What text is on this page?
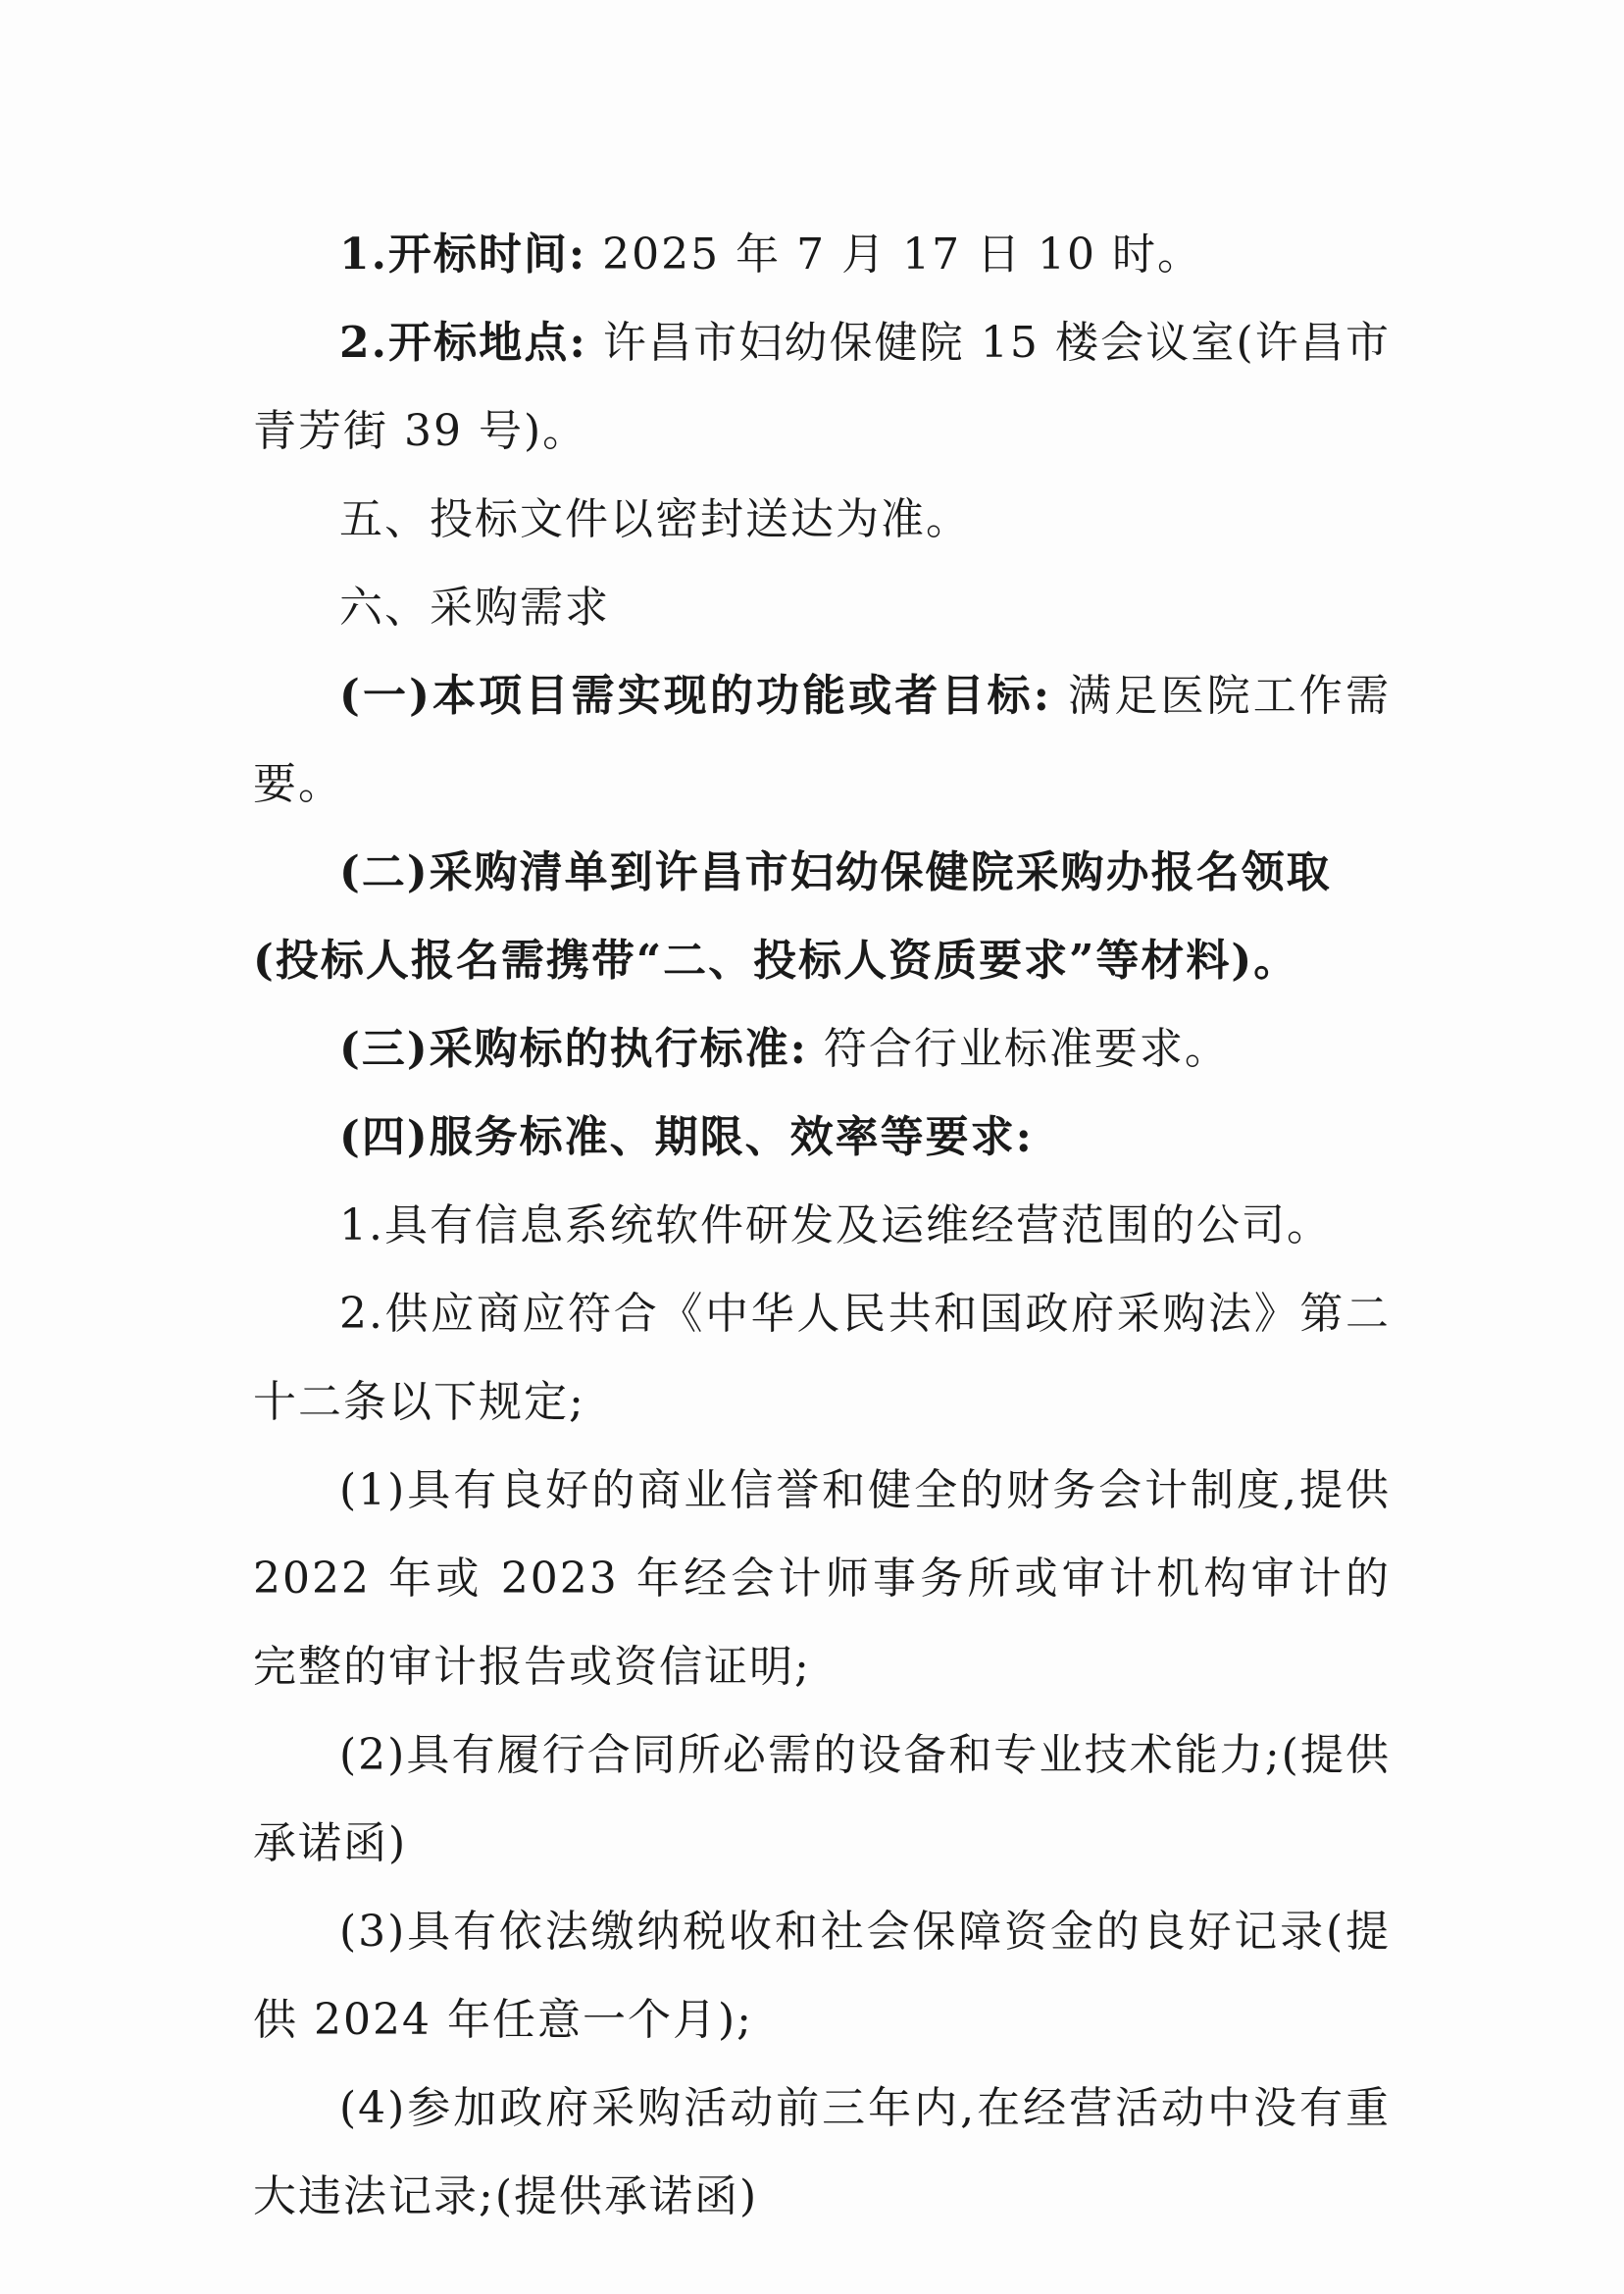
1.开标时间: 2025 年 7 月 17 日 10 时。

2.开标地点: 许昌市妇幼保健院 15 楼会议室(许昌市青芳街 39 号)。

五、投标文件以密封送达为准。

六、采购需求

(一)本项目需实现的功能或者目标: 满足医院工作需要。

(二)采购清单到许昌市妇幼保健院采购办报名领取
(投标人报名需携带“二、投标人资质要求”等材料)。

(三)采购标的执行标准: 符合行业标准要求。

(四)服务标准、期限、效率等要求:

1.具有信息系统软件研发及运维经营范围的公司。

2.供应商应符合《中华人民共和国政府采购法》第二十二条以下规定;

(1)具有良好的商业信誉和健全的财务会计制度,提供 2022 年或 2023 年经会计师事务所或审计机构审计的完整的审计报告或资信证明;

(2)具有履行合同所必需的设备和专业技术能力;(提供承诺函)

(3)具有依法缴纳税收和社会保障资金的良好记录(提供 2024 年任意一个月);

(4)参加政府采购活动前三年内,在经营活动中没有重大违法记录;(提供承诺函)
